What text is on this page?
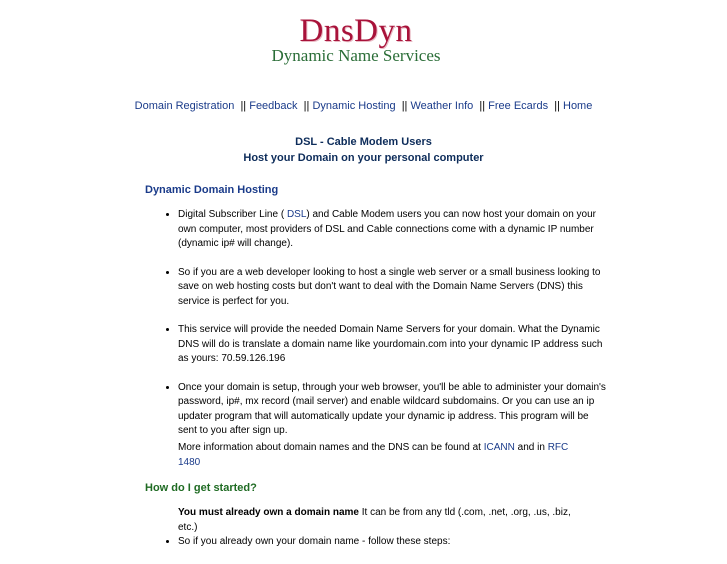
DnsDyn
Dynamic Name Services
Domain Registration || Feedback || Dynamic Hosting || Weather Info || Free Ecards || Home
DSL - Cable Modem Users
Host your Domain on your personal computer
Dynamic Domain Hosting
• Digital Subscriber Line ( DSL) and Cable Modem users you can now host your domain on your own computer, most providers of DSL and Cable connections come with a dynamic IP number (dynamic ip# will change).
• So if you are a web developer looking to host a single web server or a small business looking to save on web hosting costs but don't want to deal with the Domain Name Servers (DNS) this service is perfect for you.
• This service will provide the needed Domain Name Servers for your domain. What the Dynamic DNS will do is translate a domain name like yourdomain.com into your dynamic IP address such as yours: 70.59.126.196
• Once your domain is setup, through your web browser, you'll be able to administer your domain's password, ip#, mx record (mail server) and enable wildcard subdomains. Or you can use an ip updater program that will automatically update your dynamic ip address. This program will be sent to you after sign up.
More information about domain names and the DNS can be found at ICANN and in RFC 1480
How do I get started?
You must already own a domain name It can be from any tld (.com, .net, .org, .us, .biz, etc.)
• So if you already own your domain name - follow these steps:
